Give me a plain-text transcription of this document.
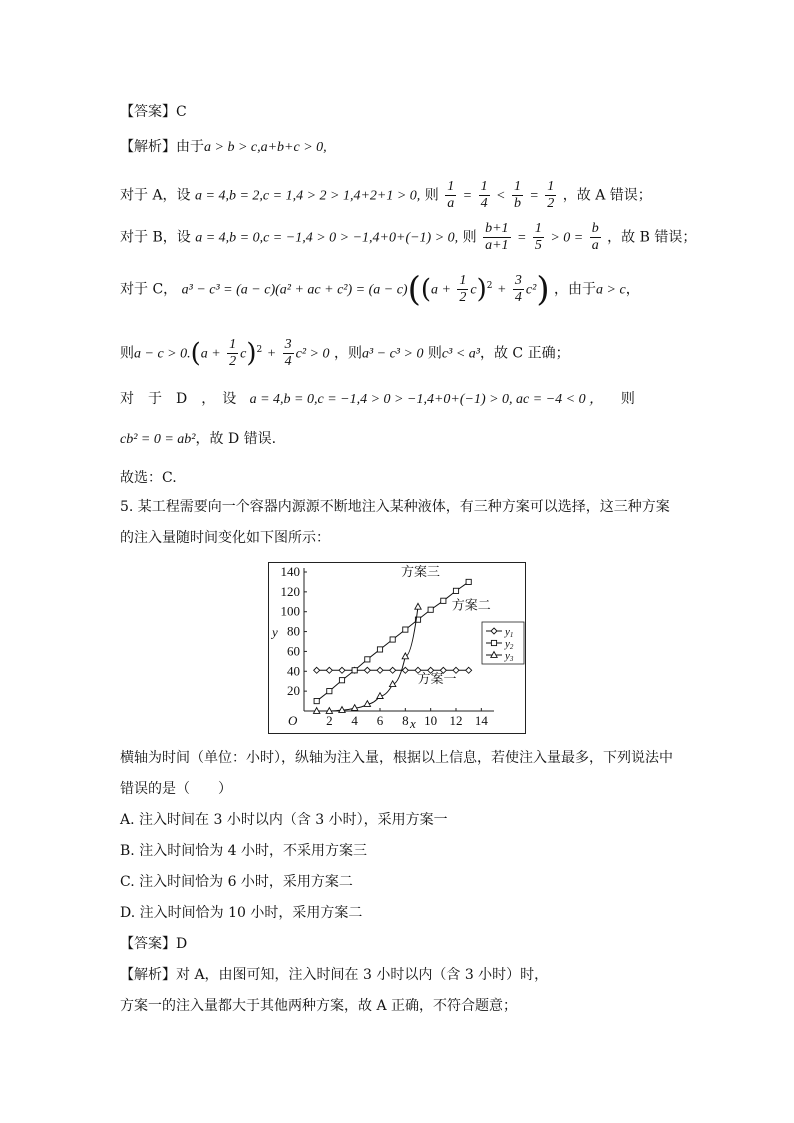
【答案】C
【解析】由于a > b > c,a+b+c > 0,
对于 A，设 a = 4,b = 2,c = 1,4 > 2 > 1,4+2+1 > 0, 则 $\frac{1}{a} = \frac{1}{4} < \frac{1}{b} = \frac{1}{2}$ ，故 A 错误；
对于 B，设 a = 4,b = 0,c = −1,4 > 0 > −1,4+0+(−1) > 0, 则 $\frac{b+1}{a+1} = \frac{1}{5} > 0 = \frac{b}{a}$ ，故 B 错误；
对于 C， a³ − c³ = (a − c)(a² + ac + $c^2) = (a - c)((a + \frac{1}{2} c)^2 + \frac{3}{4} c^2)$ ，由于a > c，
则$a - c > 0.(a + \frac{1}{2} c)^2 + \frac{3}{4} c^2 > 0$ ，则a³ − c³ > 0 则c³ < a³，故 C 正确；
对　于　D　，　设 a = 4,b = 0,c = −1,4 > 0 > −1,4+0+(−1) > 0, ac = −4 < 0 ， 则
cb² = 0 = ab²，故 D 错误.
故选：C.
5. 某工程需要向一个容器内源源不断地注入某种液体，有三种方案可以选择，这三种方案
的注入量随时间变化如下图所示：
2 4 6 8 10 12 14
20
40
60
80
100
120
140
O	x
y
方案三
方案二
方案一
y1
y2
y3
横轴为时间（单位：小时），纵轴为注入量，根据以上信息，若使注入量最多，下列说法中
错误的是（　　）
A. 注入时间在 3 小时以内（含 3 小时），采用方案一
B. 注入时间恰为 4 小时，不采用方案三
C. 注入时间恰为 6 小时，采用方案二
D. 注入时间恰为 10 小时，采用方案二
【答案】D
【解析】对 A，由图可知，注入时间在 3 小时以内（含 3 小时）时，
方案一的注入量都大于其他两种方案，故 A 正确，不符合题意；
